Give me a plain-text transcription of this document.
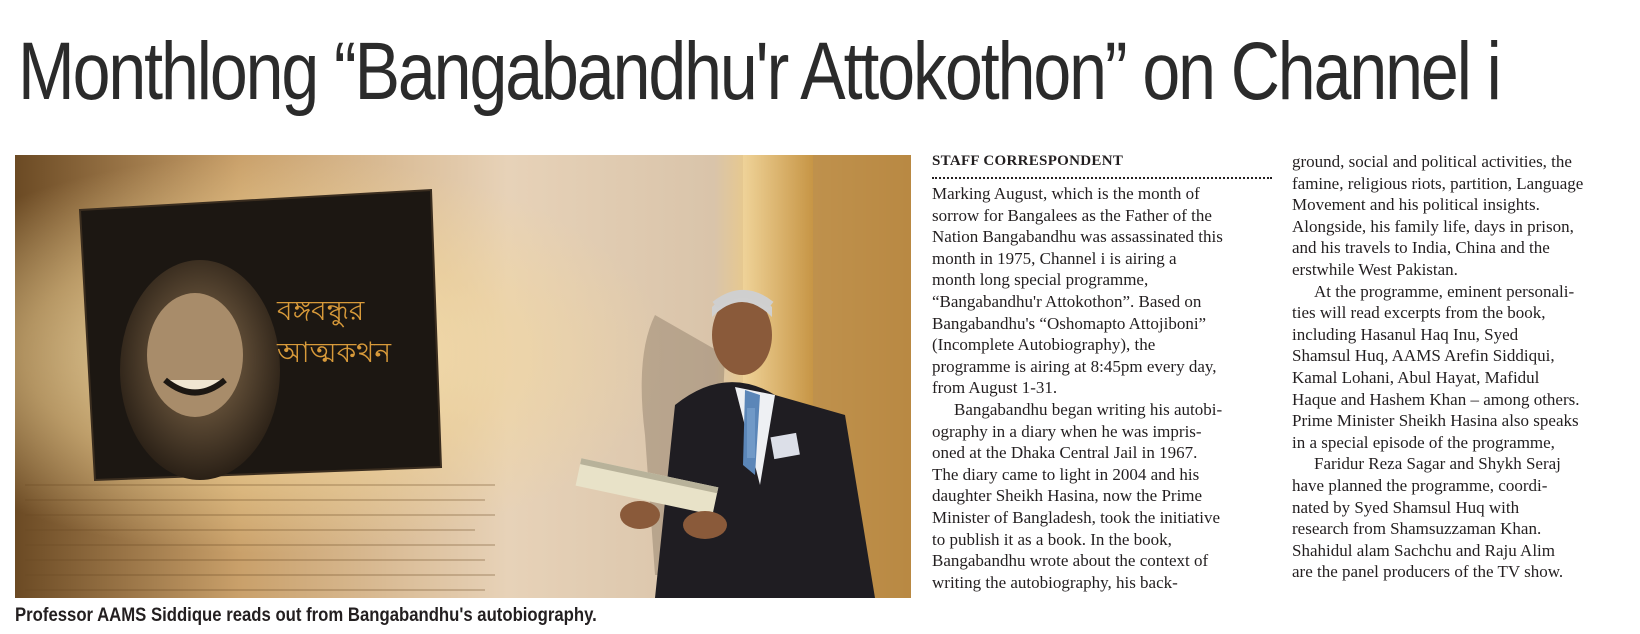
Monthlong “Bangabandhu'r Attokothon” on Channel i
বঙ্গবন্ধুর
আত্মকথন
Professor AAMS Siddique reads out from Bangabandhu's autobiography.
STAFF CORRESPONDENT
Marking August, which is the month of
sorrow for Bangalees as the Father of the
Nation Bangabandhu was assassinated this
month in 1975, Channel i is airing a
month long special programme,
“Bangabandhu'r Attokothon”. Based on
Bangabandhu's “Oshomapto Attojiboni”
(Incomplete Autobiography), the
programme is airing at 8:45pm every day,
from August 1-31.
Bangabandhu began writing his autobi-
ography in a diary when he was impris-
oned at the Dhaka Central Jail in 1967.
The diary came to light in 2004 and his
daughter Sheikh Hasina, now the Prime
Minister of Bangladesh, took the initiative
to publish it as a book. In the book,
Bangabandhu wrote about the context of
writing the autobiography, his back-
ground, social and political activities, the
famine, religious riots, partition, Language
Movement and his political insights.
Alongside, his family life, days in prison,
and his travels to India, China and the
erstwhile West Pakistan.
At the programme, eminent personali-
ties will read excerpts from the book,
including Hasanul Haq Inu, Syed
Shamsul Huq, AAMS Arefin Siddiqui,
Kamal Lohani, Abul Hayat, Mafidul
Haque and Hashem Khan – among others.
Prime Minister Sheikh Hasina also speaks
in a special episode of the programme,
Faridur Reza Sagar and Shykh Seraj
have planned the programme, coordi-
nated by Syed Shamsul Huq with
research from Shamsuzzaman Khan.
Shahidul alam Sachchu and Raju Alim
are the panel producers of the TV show.
